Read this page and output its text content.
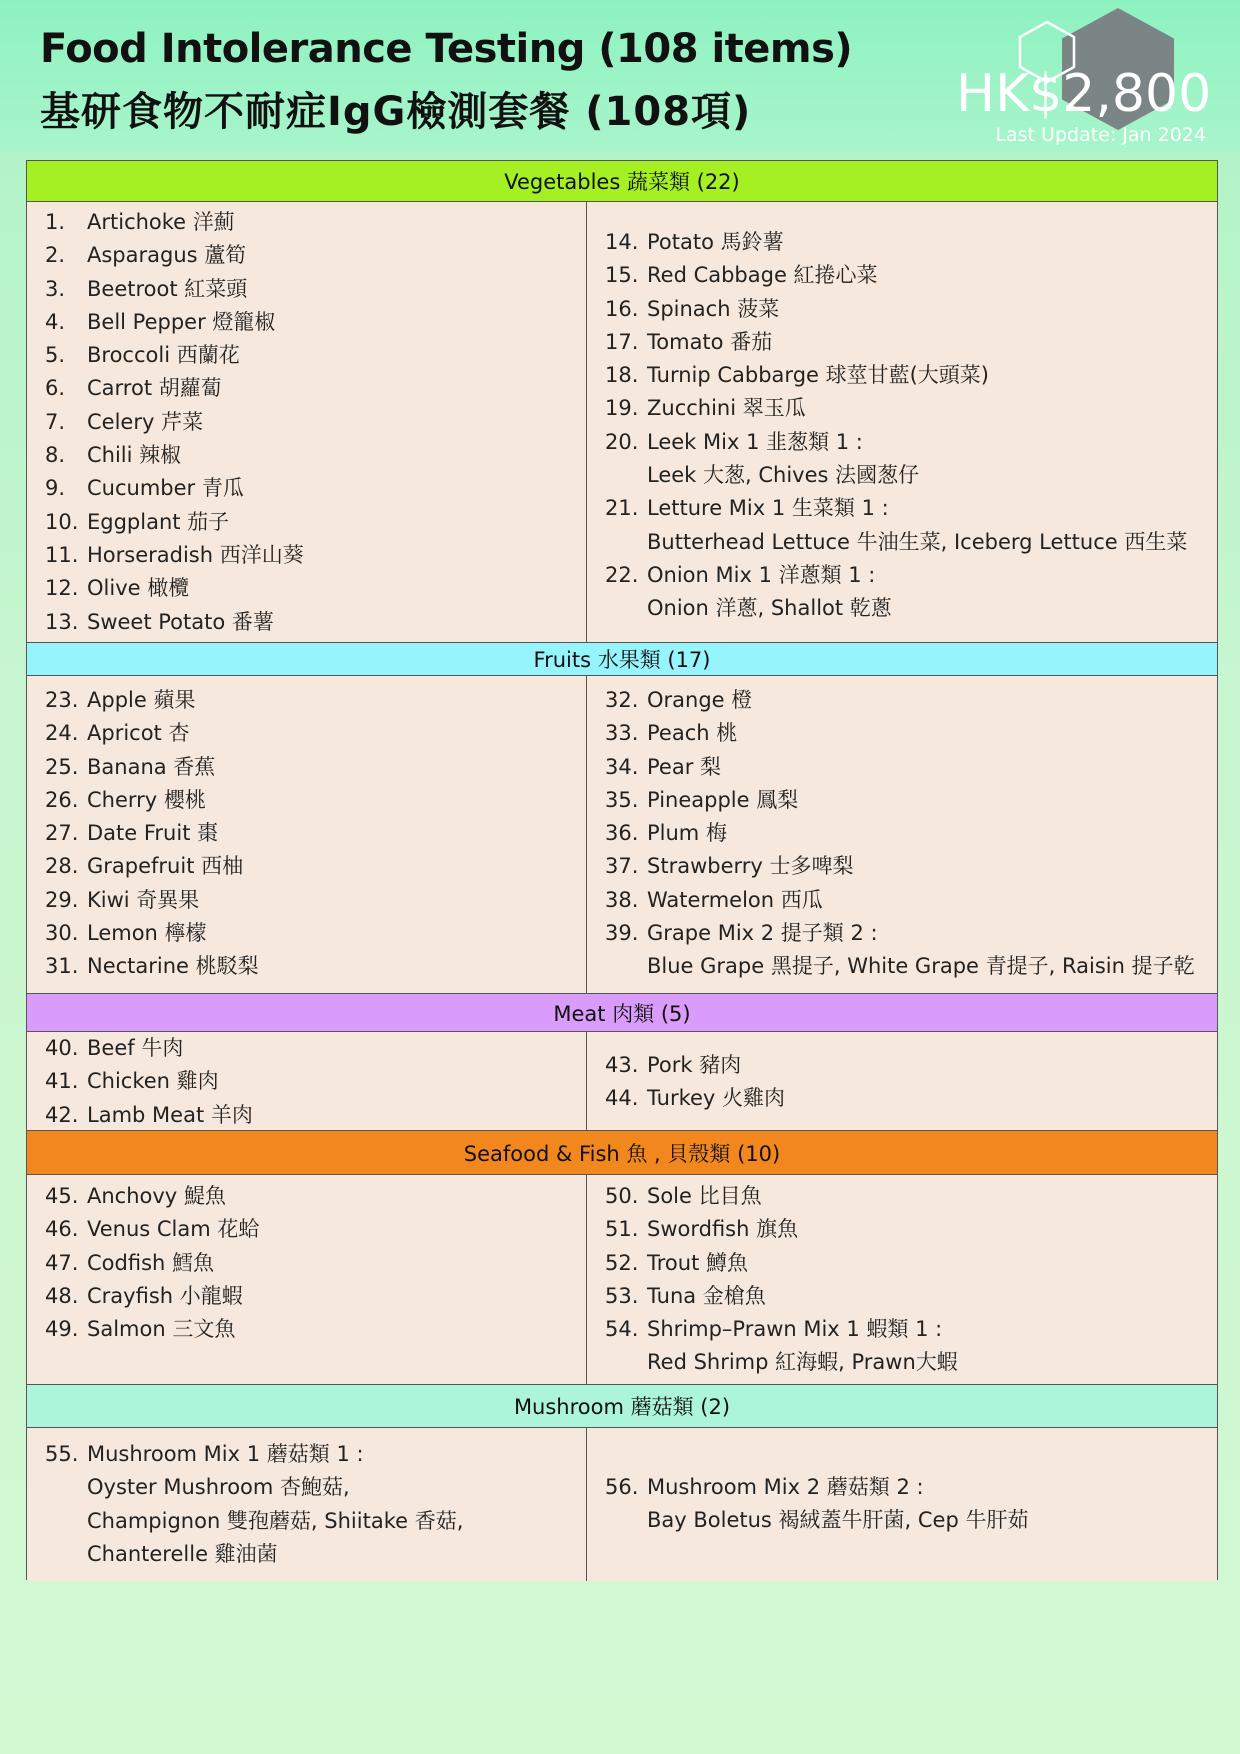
Food Intolerance Testing (108 items)
基研食物不耐症IgG檢測套餐 (108項)	HK$2,800
Last Update: Jan 2024
Vegetables 蔬菜類 (22)
1. Artichoke 洋薊
2. Asparagus 蘆筍
3. Beetroot 紅菜頭
4. Bell Pepper 燈籠椒
5. Broccoli 西蘭花
6. Carrot 胡蘿蔔
7. Celery 芹菜
8. Chili 辣椒
9. Cucumber 青瓜
10. Eggplant 茄子
11. Horseradish 西洋山葵
12. Olive 橄欖
13. Sweet Potato 番薯
14. Potato 馬鈴薯
15. Red Cabbage 紅捲心菜
16. Spinach 菠菜
17. Tomato 番茄
18. Turnip Cabbarge 球莖甘藍(大頭菜)
19. Zucchini 翠玉瓜
20. Leek Mix 1 韭葱類 1 :
Leek 大葱, Chives 法國葱仔
21. Letture Mix 1 生菜類 1 :
Butterhead Lettuce 牛油生菜, Iceberg Lettuce 西生菜
22. Onion Mix 1 洋蔥類 1 :
Onion 洋蔥, Shallot 乾蔥
Fruits 水果類 (17)
23. Apple 蘋果
24. Apricot 杏
25. Banana 香蕉
26. Cherry 櫻桃
27. Date Fruit 棗
28. Grapefruit 西柚
29. Kiwi 奇異果
30. Lemon 檸檬
31. Nectarine 桃駁梨
32. Orange 橙
33. Peach 桃
34. Pear 梨
35. Pineapple 鳳梨
36. Plum 梅
37. Strawberry 士多啤梨
38. Watermelon 西瓜
39. Grape Mix 2 提子類 2 :
Blue Grape 黑提子, White Grape 青提子, Raisin 提子乾
Meat 肉類 (5)
40. Beef 牛肉
41. Chicken 雞肉
42. Lamb Meat 羊肉
43. Pork 豬肉
44. Turkey 火雞肉
Seafood & Fish 魚 , 貝殼類 (10)
45. Anchovy 鯷魚
46. Venus Clam 花蛤
47. Codfish 鱈魚
48. Crayfish 小龍蝦
49. Salmon 三文魚
50. Sole 比目魚
51. Swordfish 旗魚
52. Trout 鱒魚
53. Tuna 金槍魚
54. Shrimp–Prawn Mix 1 蝦類 1 :
Red Shrimp 紅海蝦, Prawn大蝦
Mushroom 蘑菇類 (2)
55. Mushroom Mix 1 蘑菇類 1 :
Oyster Mushroom 杏鮑菇,
Champignon 雙孢蘑菇, Shiitake 香菇,
Chanterelle 雞油菌
56. Mushroom Mix 2 蘑菇類 2 :
Bay Boletus 褐絨蓋牛肝菌, Cep 牛肝茹
